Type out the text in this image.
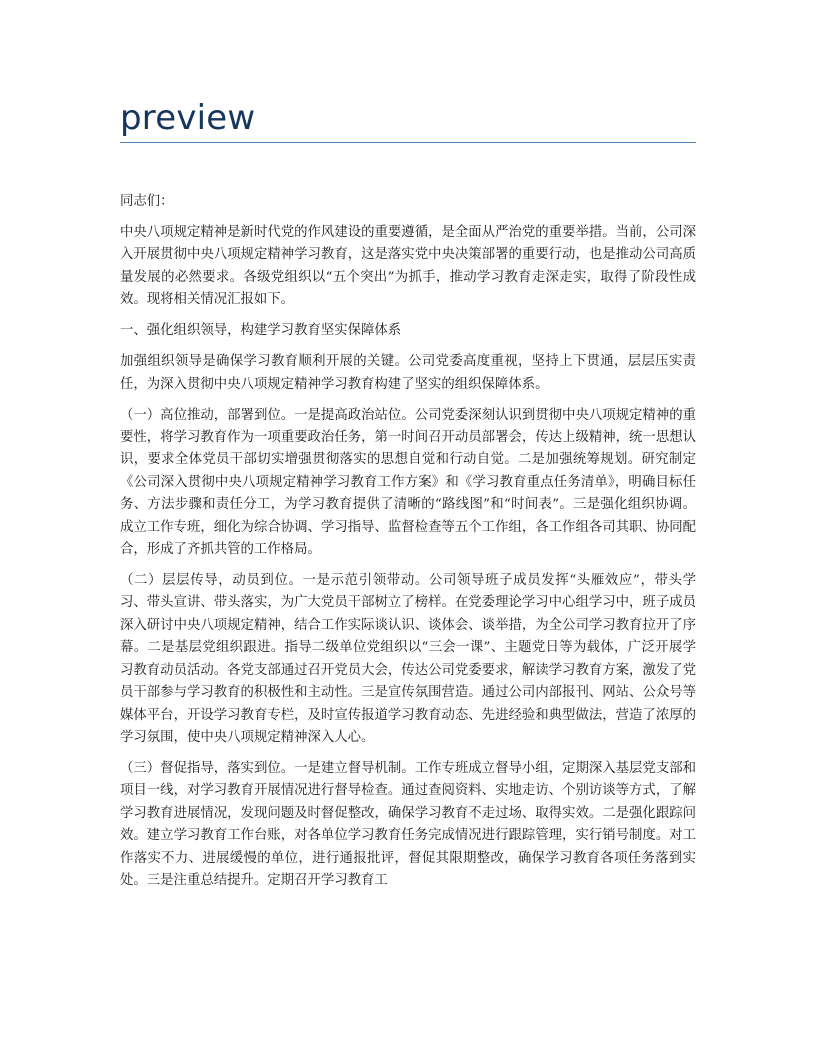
preview

同志们：

中央八项规定精神是新时代党的作风建设的重要遵循，是全面从严治党的重要举措。当前，公司深入开展贯彻中央八项规定精神学习教育，这是落实党中央决策部署的重要行动，也是推动公司高质量发展的必然要求。各级党组织以“五个突出”为抓手，推动学习教育走深走实，取得了阶段性成效。现将相关情况汇报如下。

一、强化组织领导，构建学习教育坚实保障体系

加强组织领导是确保学习教育顺利开展的关键。公司党委高度重视，坚持上下贯通，层层压实责任，为深入贯彻中央八项规定精神学习教育构建了坚实的组织保障体系。

（一）高位推动，部署到位。一是提高政治站位。公司党委深刻认识到贯彻中央八项规定精神的重要性，将学习教育作为一项重要政治任务，第一时间召开动员部署会，传达上级精神，统一思想认识，要求全体党员干部切实增强贯彻落实的思想自觉和行动自觉。二是加强统筹规划。研究制定《公司深入贯彻中央八项规定精神学习教育工作方案》和《学习教育重点任务清单》，明确目标任务、方法步骤和责任分工，为学习教育提供了清晰的“路线图”和“时间表”。三是强化组织协调。成立工作专班，细化为综合协调、学习指导、监督检查等五个工作组，各工作组各司其职、协同配合，形成了齐抓共管的工作格局。

（二）层层传导，动员到位。一是示范引领带动。公司领导班子成员发挥“头雁效应”，带头学习、带头宣讲、带头落实，为广大党员干部树立了榜样。在党委理论学习中心组学习中，班子成员深入研讨中央八项规定精神，结合工作实际谈认识、谈体会、谈举措，为全公司学习教育拉开了序幕。二是基层党组织跟进。指导二级单位党组织以“三会一课”、主题党日等为载体，广泛开展学习教育动员活动。各党支部通过召开党员大会，传达公司党委要求，解读学习教育方案，激发了党员干部参与学习教育的积极性和主动性。三是宣传氛围营造。通过公司内部报刊、网站、公众号等媒体平台，开设学习教育专栏，及时宣传报道学习教育动态、先进经验和典型做法，营造了浓厚的学习氛围，使中央八项规定精神深入人心。

（三）督促指导，落实到位。一是建立督导机制。工作专班成立督导小组，定期深入基层党支部和项目一线，对学习教育开展情况进行督导检查。通过查阅资料、实地走访、个别访谈等方式，了解学习教育进展情况，发现问题及时督促整改，确保学习教育不走过场、取得实效。二是强化跟踪问效。建立学习教育工作台账，对各单位学习教育任务完成情况进行跟踪管理，实行销号制度。对工作落实不力、进展缓慢的单位，进行通报批评，督促其限期整改，确保学习教育各项任务落到实处。三是注重总结提升。定期召开学习教育工
